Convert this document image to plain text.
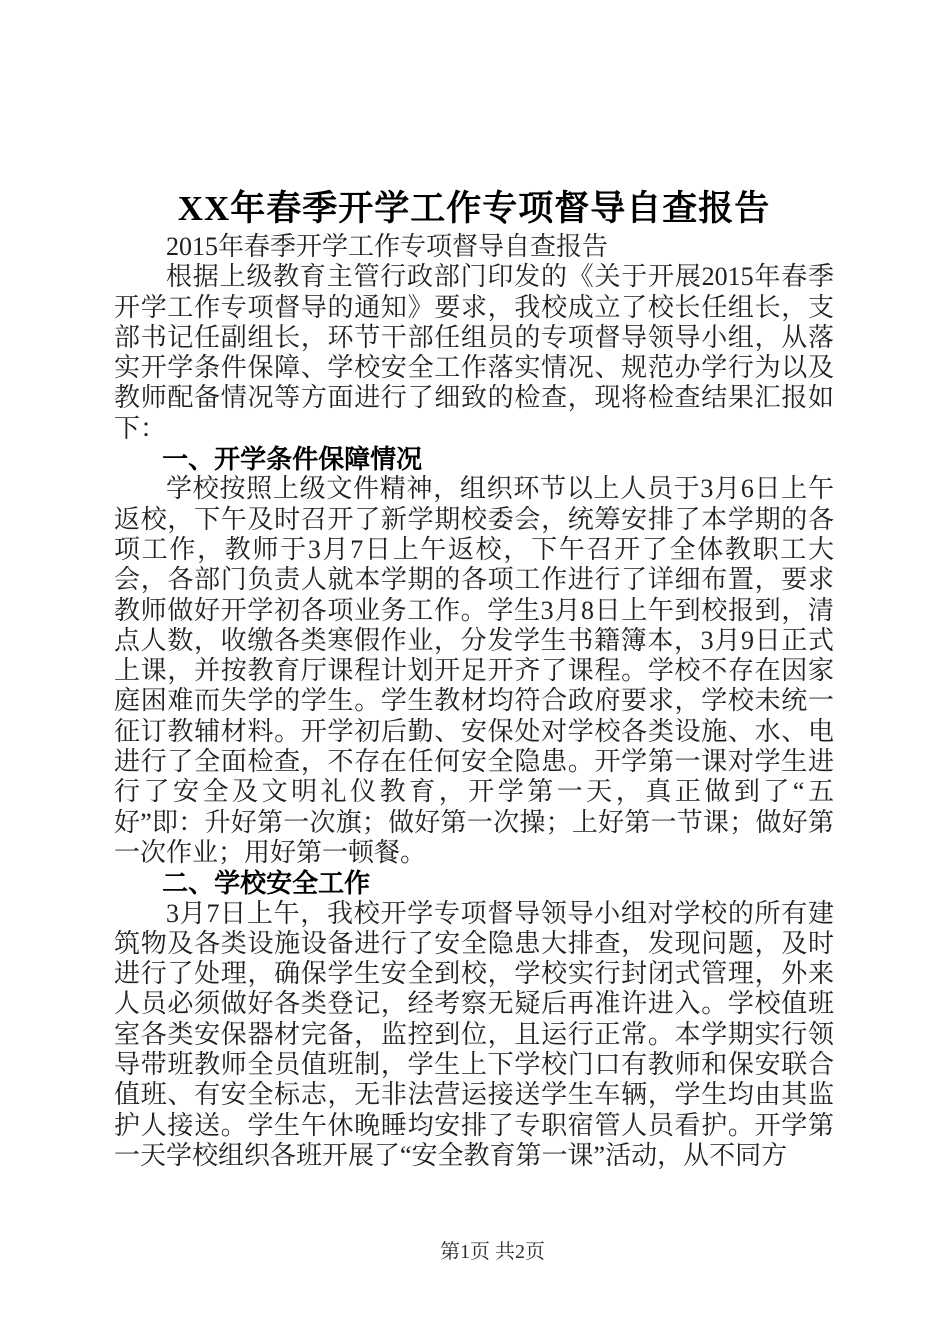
XX年春季开学工作专项督导自查报告

2015年春季开学工作专项督导自查报告

根据上级教育主管行政部门印发的《关于开展2015年春季开学工作专项督导的通知》要求，我校成立了校长任组长，支部书记任副组长，环节干部任组员的专项督导领导小组，从落实开学条件保障、学校安全工作落实情况、规范办学行为以及教师配备情况等方面进行了细致的检查，现将检查结果汇报如下：

一、开学条件保障情况

学校按照上级文件精神，组织环节以上人员于3月6日上午返校，下午及时召开了新学期校委会，统筹安排了本学期的各项工作，教师于3月7日上午返校，下午召开了全体教职工大会，各部门负责人就本学期的各项工作进行了详细布置，要求教师做好开学初各项业务工作。学生3月8日上午到校报到，清点人数，收缴各类寒假作业，分发学生书籍簿本，3月9日正式上课，并按教育厅课程计划开足开齐了课程。学校不存在因家庭困难而失学的学生。学生教材均符合政府要求，学校未统一征订教辅材料。开学初后勤、安保处对学校各类设施、水、电进行了全面检查，不存在任何安全隐患。开学第一课对学生进行了安全及文明礼仪教育，开学第一天，真正做到了“五好”即：升好第一次旗；做好第一次操；上好第一节课；做好第一次作业；用好第一顿餐。

二、学校安全工作

3月7日上午，我校开学专项督导领导小组对学校的所有建筑物及各类设施设备进行了安全隐患大排查，发现问题，及时进行了处理，确保学生安全到校，学校实行封闭式管理，外来人员必须做好各类登记，经考察无疑后再准许进入。学校值班室各类安保器材完备，监控到位，且运行正常。本学期实行领导带班教师全员值班制，学生上下学校门口有教师和保安联合值班、有安全标志，无非法营运接送学生车辆，学生均由其监护人接送。学生午休晚睡均安排了专职宿管人员看护。开学第一天学校组织各班开展了“安全教育第一课”活动，从不同方

第1页 共2页
